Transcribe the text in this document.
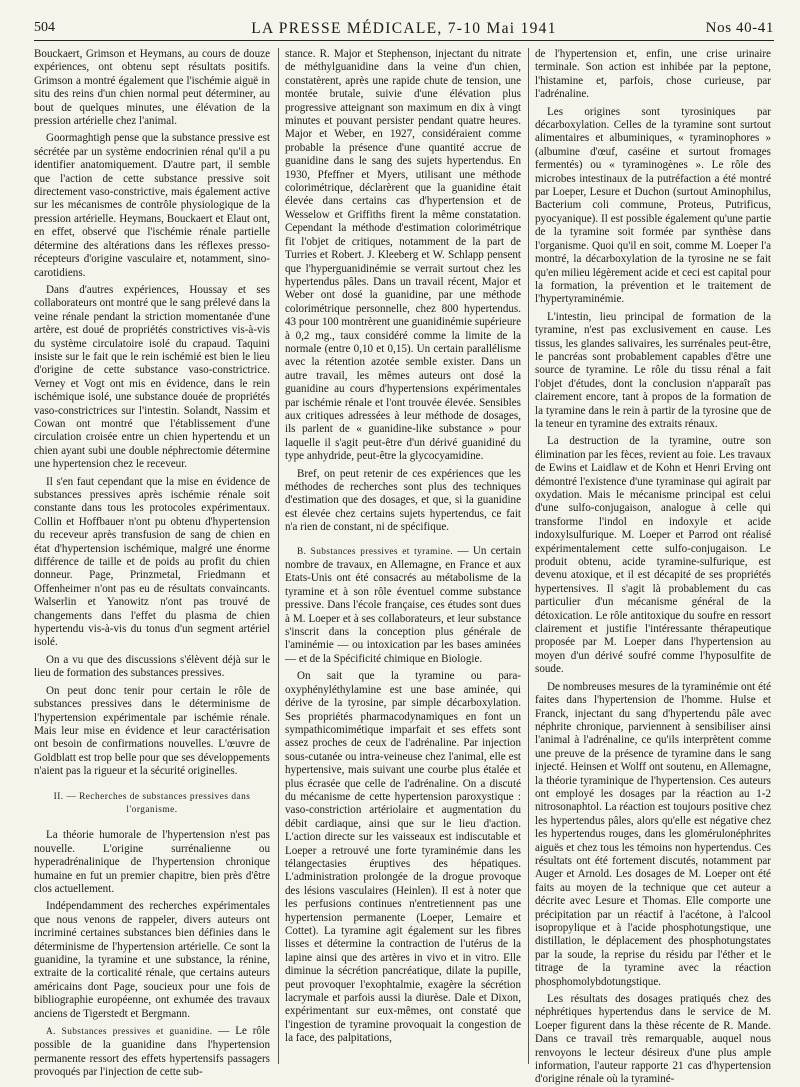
504	LA PRESSE MÉDICALE, 7-10 Mai 1941	Nos 40-41

Bouckaert, Grimson et Heymans, au cours de douze expériences, ont obtenu sept résultats positifs. Grimson a montré également que l'ischémie aiguë in situ des reins d'un chien normal peut déterminer, au bout de quelques minutes, une élévation de la pression artérielle chez l'animal.

Goormaghtigh pense que la substance pressive est sécrétée par un système endocrinien rénal qu'il a pu identifier anatomiquement. D'autre part, il semble que l'action de cette substance pressive soit directement vaso-constrictive, mais également active sur les mécanismes de contrôle physiologique de la pression artérielle. Heymans, Bouckaert et Elaut ont, en effet, observé que l'ischémie rénale partielle détermine des altérations dans les réflexes presso-récepteurs d'origine vasculaire et, notamment, sino-carotidiens.

Dans d'autres expériences, Houssay et ses collaborateurs ont montré que le sang prélevé dans la veine rénale pendant la striction momentanée d'une artère, est doué de propriétés constrictives vis-à-vis du système circulatoire isolé du crapaud. Taquini insiste sur le fait que le rein ischémié est bien le lieu d'origine de cette substance vaso-constrictrice. Verney et Vogt ont mis en évidence, dans le rein ischémique isolé, une substance douée de propriétés vaso-constrictrices sur l'intestin. Solandt, Nassim et Cowan ont montré que l'établissement d'une circulation croisée entre un chien hypertendu et un chien ayant subi une double néphrectomie détermine une hypertension chez le receveur.

Il s'en faut cependant que la mise en évidence de substances pressives après ischémie rénale soit constante dans tous les protocoles expérimentaux. Collin et Hoffbauer n'ont pu obtenu d'hypertension du receveur après transfusion de sang de chien en état d'hypertension ischémique, malgré une énorme différence de taille et de poids au profit du chien donneur. Page, Prinzmetal, Friedmann et Offenheimer n'ont pas eu de résultats convaincants. Walserlin et Yanowitz n'ont pas trouvé de changements dans l'effet du plasma de chien hypertendu vis-à-vis du tonus d'un segment artériel isolé.

On a vu que des discussions s'élèvent déjà sur le lieu de formation des substances pressives.

On peut donc tenir pour certain le rôle de substances pressives dans le déterminisme de l'hypertension expérimentale par ischémie rénale. Mais leur mise en évidence et leur caractérisation ont besoin de confirmations nouvelles. L'œuvre de Goldblatt est trop belle pour que ses développements n'aient pas la rigueur et la sécurité originelles.

II. — Recherches de substances pressives dans l'organisme.

La théorie humorale de l'hypertension n'est pas nouvelle. L'origine surrénalienne ou hyperadrénalinique de l'hypertension chronique humaine en fut un premier chapitre, bien près d'être clos actuellement.

Indépendamment des recherches expérimentales que nous venons de rappeler, divers auteurs ont incriminé certaines substances bien définies dans le déterminisme de l'hypertension artérielle. Ce sont la guanidine, la tyramine et une substance, la rénine, extraite de la corticalité rénale, que certains auteurs américains dont Page, soucieux pour une fois de bibliographie européenne, ont exhumée des travaux anciens de Tigerstedt et Bergmann.

A. Substances pressives et guanidine. — Le rôle possible de la guanidine dans l'hypertension permanente ressort des effets hypertensifs passagers provoqués par l'injection de cette sub-

stance. R. Major et Stephenson, injectant du nitrate de méthylguanidine dans la veine d'un chien, constatèrent, après une rapide chute de tension, une montée brutale, suivie d'une élévation plus progressive atteignant son maximum en dix à vingt minutes et pouvant persister pendant quatre heures. Major et Weber, en 1927, considéraient comme probable la présence d'une quantité accrue de guanidine dans le sang des sujets hypertendus. En 1930, Pfeffner et Myers, utilisant une méthode colorimétrique, déclarèrent que la guanidine était élevée dans certains cas d'hypertension et de Wesselow et Griffiths firent la même constatation. Cependant la méthode d'estimation colorimétrique fit l'objet de critiques, notamment de la part de Turries et Robert. J. Kleeberg et W. Schlapp pensent que l'hyperguanidinémie se verrait surtout chez les hypertendus pâles. Dans un travail récent, Major et Weber ont dosé la guanidine, par une méthode colorimétrique personnelle, chez 800 hypertendus. 43 pour 100 montrèrent une guanidinémie supérieure à 0,2 mg., taux considéré comme la limite de la normale (entre 0,10 et 0,15). Un certain parallélisme avec la rétention azotée semble exister. Dans un autre travail, les mêmes auteurs ont dosé la guanidine au cours d'hypertensions expérimentales par ischémie rénale et l'ont trouvée élevée. Sensibles aux critiques adressées à leur méthode de dosages, ils parlent de « guanidine-like substance » pour laquelle il s'agit peut-être d'un dérivé guanidiné du type anhydride, peut-être la glycocyamidine.

Bref, on peut retenir de ces expériences que les méthodes de recherches sont plus des techniques d'estimation que des dosages, et que, si la guanidine est élevée chez certains sujets hypertendus, ce fait n'a rien de constant, ni de spécifique.

B. Substances pressives et tyramine. — Un certain nombre de travaux, en Allemagne, en France et aux Etats-Unis ont été consacrés au métabolisme de la tyramine et à son rôle éventuel comme substance pressive. Dans l'école française, ces études sont dues à M. Loeper et à ses collaborateurs, et leur substance s'inscrit dans la conception plus générale de l'aminémie — ou intoxication par les bases aminées — et de la Spécificité chimique en Biologie.

On sait que la tyramine ou para-oxyphényléthylamine est une base aminée, qui dérive de la tyrosine, par simple décarboxylation. Ses propriétés pharmacodynamiques en font un sympathicomimétique imparfait et ses effets sont assez proches de ceux de l'adrénaline. Par injection sous-cutanée ou intra-veineuse chez l'animal, elle est hypertensive, mais suivant une courbe plus étalée et plus écrasée que celle de l'adrénaline. On a discuté du mécanisme de cette hypertension paroxystique : vaso-constriction artériolaire et augmentation du débit cardiaque, ainsi que sur le lieu d'action. L'action directe sur les vaisseaux est indiscutable et Loeper a retrouvé une forte tyraminémie dans les télangectasies éruptives des hépatiques. L'administration prolongée de la drogue provoque des lésions vasculaires (Heinlen). Il est à noter que les perfusions continues n'entretiennent pas une hypertension permanente (Loeper, Lemaire et Cottet). La tyramine agit également sur les fibres lisses et détermine la contraction de l'utérus de la lapine ainsi que des artères in vivo et in vitro. Elle diminue la sécrétion pancréatique, dilate la pupille, peut provoquer l'exophtalmie, exagère la sécrétion lacrymale et parfois aussi la diurèse. Dale et Dixon, expérimentant sur eux-mêmes, ont constaté que l'ingestion de tyramine provoquait la congestion de la face, des palpitations,

de l'hypertension et, enfin, une crise urinaire terminale. Son action est inhibée par la peptone, l'histamine et, parfois, chose curieuse, par l'adrénaline.

Les origines sont tyrosiniques par décarboxylation. Celles de la tyramine sont surtout alimentaires et albuminiques, « tyraminophores » (albumine d'œuf, caséine et surtout fromages fermentés) ou « tyraminogènes ». Le rôle des microbes intestinaux de la putréfaction a été montré par Loeper, Lesure et Duchon (surtout Aminophilus, Bacterium coli commune, Proteus, Putrificus, pyocyanique). Il est possible également qu'une partie de la tyramine soit formée par synthèse dans l'organisme. Quoi qu'il en soit, comme M. Loeper l'a montré, la décarboxylation de la tyrosine ne se fait qu'en milieu légèrement acide et ceci est capital pour la formation, la prévention et le traitement de l'hypertyraminémie.

L'intestin, lieu principal de formation de la tyramine, n'est pas exclusivement en cause. Les tissus, les glandes salivaires, les surrénales peut-être, le pancréas sont probablement capables d'être une source de tyramine. Le rôle du tissu rénal a fait l'objet d'études, dont la conclusion n'apparaît pas clairement encore, tant à propos de la formation de la tyramine dans le rein à partir de la tyrosine que de la teneur en tyramine des extraits rénaux.

La destruction de la tyramine, outre son élimination par les fèces, revient au foie. Les travaux de Ewins et Laidlaw et de Kohn et Henri Erving ont démontré l'existence d'une tyraminase qui agirait par oxydation. Mais le mécanisme principal est celui d'une sulfo-conjugaison, analogue à celle qui transforme l'indol en indoxyle et acide indoxylsulfurique. M. Loeper et Parrod ont réalisé expérimentalement cette sulfo-conjugaison. Le produit obtenu, acide tyramine-sulfurique, est devenu atoxique, et il est décapité de ses propriétés hypertensives. Il s'agit là probablement du cas particulier d'un mécanisme général de la détoxication. Le rôle antitoxique du soufre en ressort clairement et justifie l'intéressante thérapeutique proposée par M. Loeper dans l'hypertension au moyen d'un dérivé soufré comme l'hyposulfite de soude.

De nombreuses mesures de la tyraminémie ont été faites dans l'hypertension de l'homme. Hulse et Franck, injectant du sang d'hypertendu pâle avec néphrite chronique, parviennent à sensibiliser ainsi l'animal à l'adrénaline, ce qu'ils interprètent comme une preuve de la présence de tyramine dans le sang injecté. Heinsen et Wolff ont soutenu, en Allemagne, la théorie tyraminique de l'hypertension. Ces auteurs ont employé les dosages par la réaction au 1-2 nitrosonaphtol. La réaction est toujours positive chez les hypertendus pâles, alors qu'elle est négative chez les hypertendus rouges, dans les glomérulonéphrites aiguës et chez tous les témoins non hypertendus. Ces résultats ont été fortement discutés, notamment par Auger et Arnold. Les dosages de M. Loeper ont été faits au moyen de la technique que cet auteur a décrite avec Lesure et Thomas. Elle comporte une précipitation par un réactif à l'acétone, à l'alcool isopropylique et à l'acide phosphotungstique, une distillation, le déplacement des phosphotungstates par la soude, la reprise du résidu par l'éther et le titrage de la tyramine avec la réaction phosphomolybdotungstique.

Les résultats des dosages pratiqués chez des néphrétiques hypertendus dans le service de M. Loeper figurent dans la thèse récente de R. Mande. Dans ce travail très remarquable, auquel nous renvoyons le lecteur désireux d'une plus ample information, l'auteur rapporte 21 cas d'hypertension d'origine rénale où la tyraminé-
